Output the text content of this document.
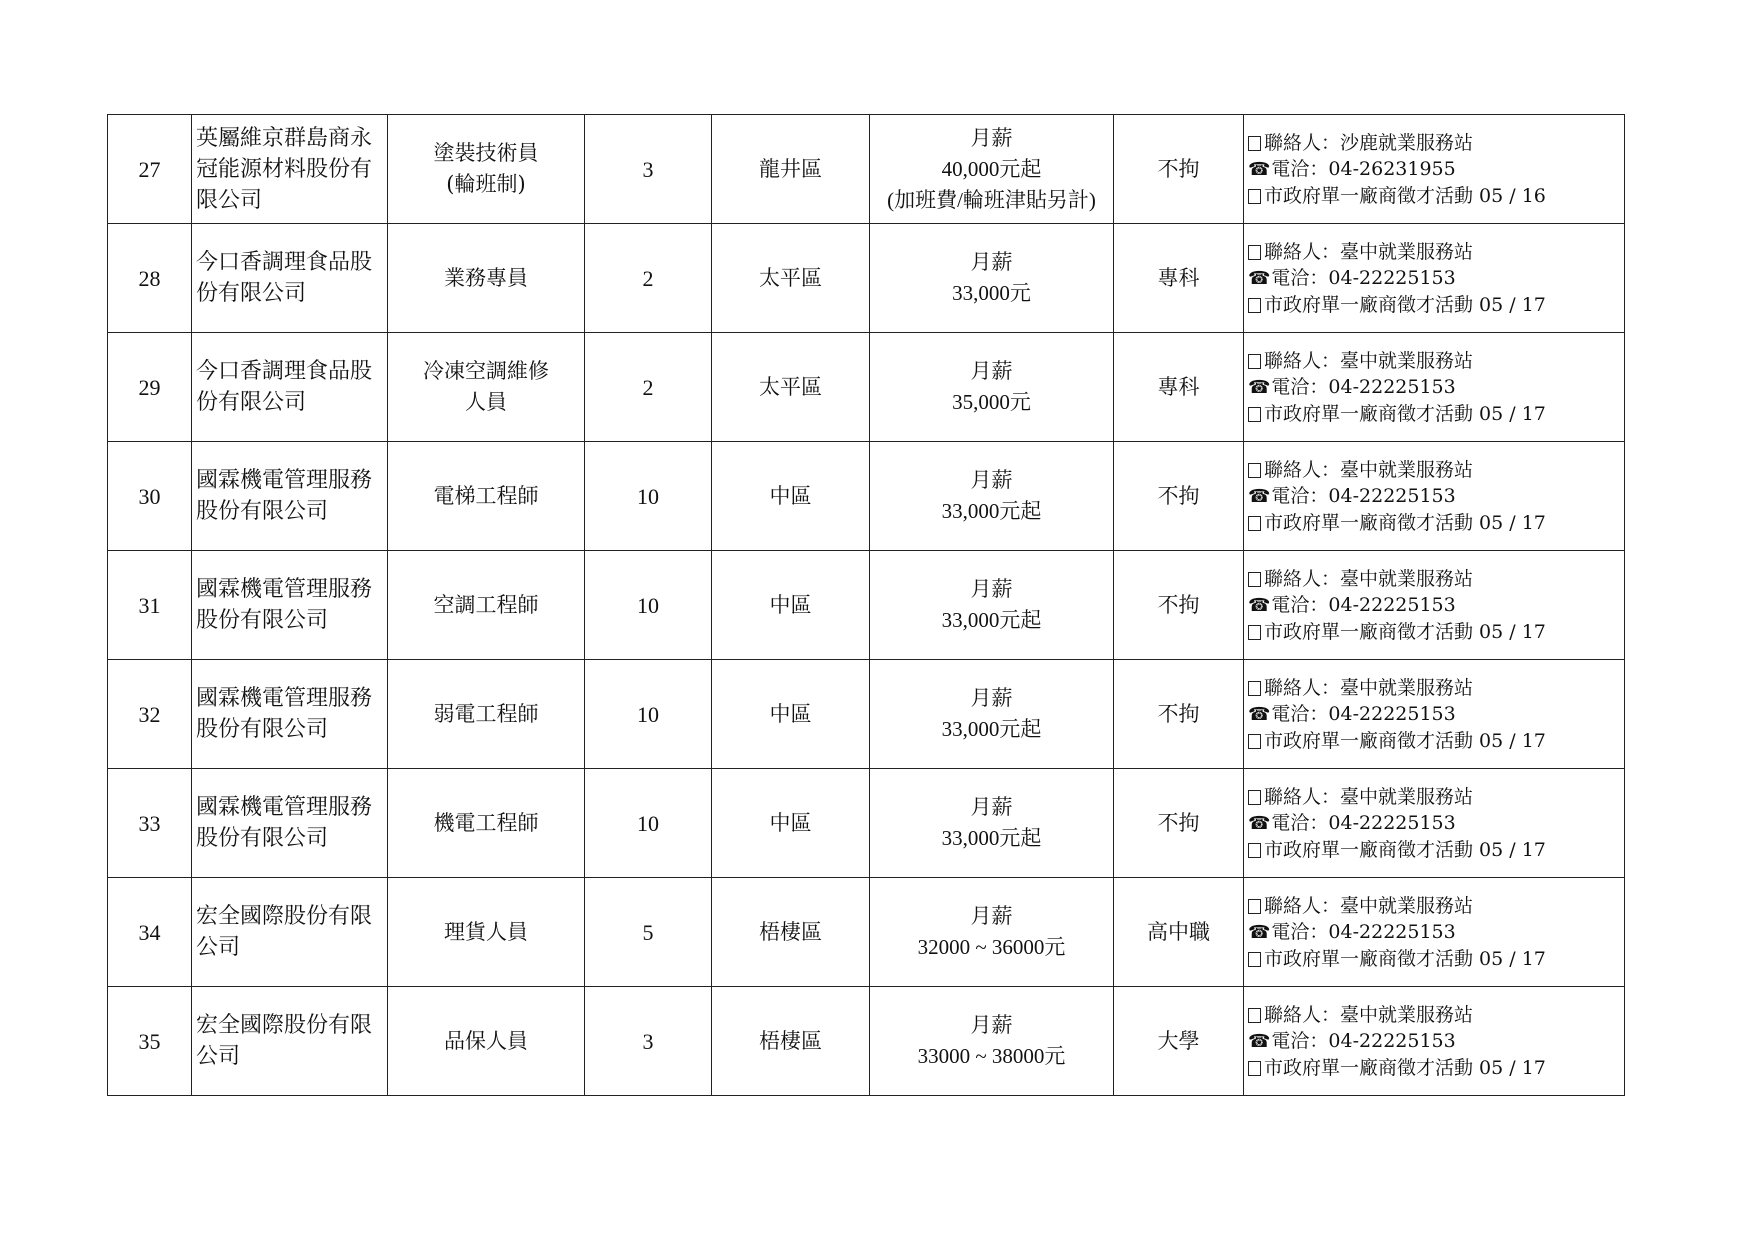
27	英屬維京群島商永冠能源材料股份有限公司	塗裝技術員
(輪班制)	3	龍井區	月薪
40,000元起
(加班費/輪班津貼另計)	不拘	聯絡人：沙鹿就業服務站
☎電洽：04-26231955
市政府單一廠商徵才活動 05 / 16

28	今口香調理食品股份有限公司	業務專員	2	太平區	月薪
33,000元	專科	聯絡人：臺中就業服務站
☎電洽：04-22225153
市政府單一廠商徵才活動 05 / 17

29	今口香調理食品股份有限公司	冷凍空調維修
人員	2	太平區	月薪
35,000元	專科	聯絡人：臺中就業服務站
☎電洽：04-22225153
市政府單一廠商徵才活動 05 / 17

30	國霖機電管理服務股份有限公司	電梯工程師	10	中區	月薪
33,000元起	不拘	聯絡人：臺中就業服務站
☎電洽：04-22225153
市政府單一廠商徵才活動 05 / 17

31	國霖機電管理服務股份有限公司	空調工程師	10	中區	月薪
33,000元起	不拘	聯絡人：臺中就業服務站
☎電洽：04-22225153
市政府單一廠商徵才活動 05 / 17

32	國霖機電管理服務股份有限公司	弱電工程師	10	中區	月薪
33,000元起	不拘	聯絡人：臺中就業服務站
☎電洽：04-22225153
市政府單一廠商徵才活動 05 / 17

33	國霖機電管理服務股份有限公司	機電工程師	10	中區	月薪
33,000元起	不拘	聯絡人：臺中就業服務站
☎電洽：04-22225153
市政府單一廠商徵才活動 05 / 17

34	宏全國際股份有限公司	理貨人員	5	梧棲區	月薪
32000 ~ 36000元	高中職	聯絡人：臺中就業服務站
☎電洽：04-22225153
市政府單一廠商徵才活動 05 / 17

35	宏全國際股份有限公司	品保人員	3	梧棲區	月薪
33000 ~ 38000元	大學	聯絡人：臺中就業服務站
☎電洽：04-22225153
市政府單一廠商徵才活動 05 / 17
